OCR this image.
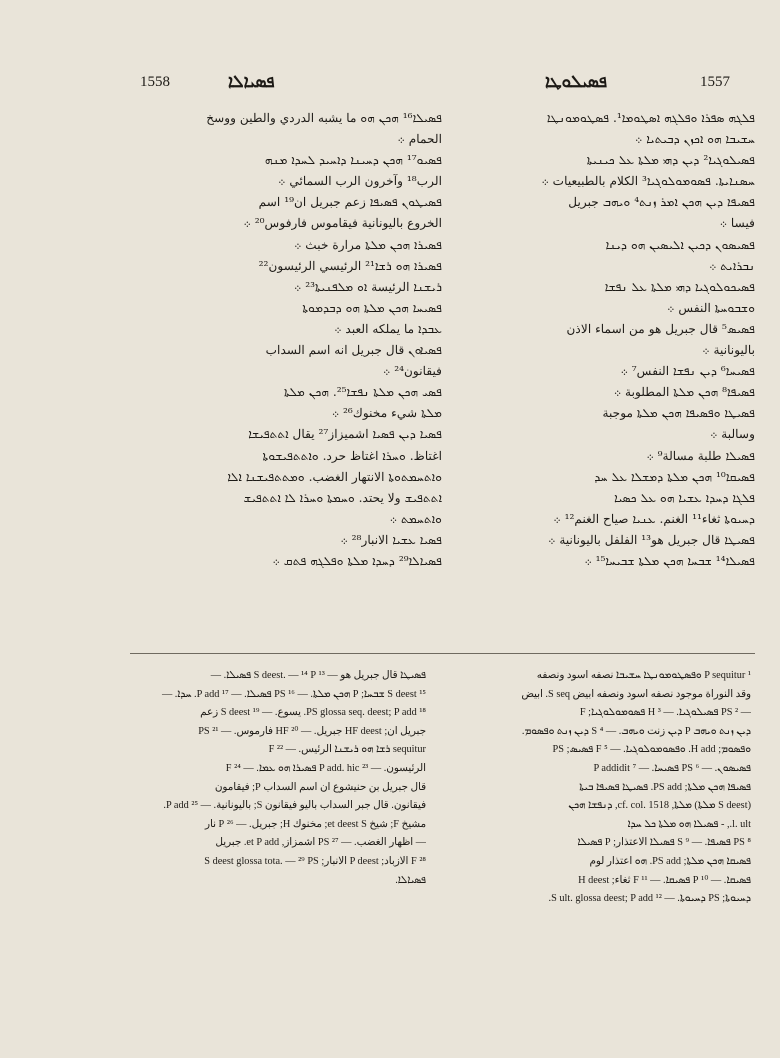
1558	ܦܣܝܐܠܐ	ܦܣܝܠܘܛܐ	1557
ܦܣܝܠܐ¹⁶ ܗܟܢ ܗܘ ما يشبه الدردي والطين ووسخ
الحمام ܀
ܦܣܝܘ¹⁷ ܗܟܢ ܕܚܝܢܐ ܕܐܚܝܕ ܠܚܕܐ ܡܢܗ
الرب¹⁸ وآخرون الرب السمائي ܀
ܦܣܝܛܘܢ ܦܣܝܦܐ زعم جبريل ان¹⁹ اسم
الخروع باليونانية فيقاموس فارفوس²⁰ ܀
ܦܣܝܪܐ ܗܟܢ ܡܠܬܐ مرارة خبث ܀
ܦܣܝܪܐ ܗܘ ܪܫܐ²¹ الرئيسي الرئيسون²²
ܪܝܫܢܐ الرئيسة ܐܘ ܡܠܦܢܝܬܐ²³ ܀
ܦܣܝܚܐ ܗܟܢ ܡܠܬܐ ܗܘ ܕܒܕܡܘܬܐ
ܥܒܕܐ ما يملكه العبد ܀
ܦܣܝܐܘܢ قال جبريل انه اسم السداب
فيقانون²⁴ ܀
ܦܣܝ ܗܟܢ ܡܠܬܐ ܢܦܫܐ²⁵. ܗܟܢ ܡܠܬܐ
ܡܠܬܐ شيء مخنوك²⁶ ܀
ܦܣܝܐ ܕܝܢ ܦܣܝܐ اشميزاز²⁷ يقال ܐܬܬܦܝܫܐ
اغتاظ. ܘܚܪܐ اغتاظ حرد. ܘܐܬܬܦܝܫܘܬܐ
ܘܐܬܚܡܬܘܬܐ الانتهار الغضب. ܘܡܬܬܦܝܫܢܐ ܐܠܐ
ܐܬܬܦܝܫ ولا يحتد. ܘܚܡܬܐ ܘܚܪܐ ܠܐ ܐܬܬܦܝܫ
ܘܐܬܚܡܬ ܀
ܦܣܝܐ ܥܫܝܐ الانبار²⁸ ܀
ܦܣܝܐܠܐ²⁹ ܕܚܕܐ ܡܠܬܐ ܘܦܠܓܗ ܦܬܩ ܀
ܦܠܓܗ ܣܦܪܐ ܘܦܠܓܗ ܐܣܛܘܡܐ¹. ܦܣܛܘܡܘܢܛܐ
ܚܫܝܒܐ ܗܘ ܐܟܙܢ ܕܒܝܬܝܐ ܀
ܦܣܝܠܘܓܝܐ² ܕܝܢ ܕܗܝ ܡܠܬܐ ܥܠ ܟܝܢܝܬܐ
ܚܣܢܐܝܬܐ. ܦܣܘܡܘܠܘܓܝܐ³ الكلام بالطبيعيات ܀
ܦܣܝܦܐ ܕܝܢ ܗܟܢ ܐܡܪ ܙܢܬ⁴ ܘܝܗܒ جبريل
فيسا ܀
ܦܣܝܣܘܢ ܕܟܝܢ ܐܠܝܣܝܢ ܗܘ ܕܝܢܐ
ܢܒܪܐܝܬ ܀
ܦܣܝܟܘܠܘܓܝܐ ܕܗܝ ܡܠܬܐ ܥܠ ܢܦܫܐ
ܘܫܒܘܚܬܐ النفس ܀
ܦܣܝܣ⁵ قال جبريل هو من اسماء الاذن
باليونانية ܀
ܦܣܝܚܐ⁶ ܕܝܢ ܢܦܫܐ النفس⁷ ܀
ܦܣܝܦܐ⁸ ܗܟܢ ܡܠܬܐ المطلوبة ܀
ܦܣܝܛܐ ܘܦܣܝܦܐ ܗܟܢ ܡܠܬܐ موجبة
وسالبة ܀
ܦܣܝܠܐ طلبة مسالة⁹ ܀
ܦܣܝܩܐ¹⁰ ܗܟܢ ܡܠܬܐ ܕܡܫܠܐ ܥܠ ܚܕ
ܦܠܓܐ ܕܚܕܐ ܥܫܝܐ ܗܘ ܥܠ ܟܣܝܐ
ܕܚܝܘܬܐ ثغاء¹¹ الغنم. ܥܢܝܐ صياح الغنم¹² ܀
ܦܣܝܛܐ قال جبريل هو¹³ الفلفل باليونانية ܀
ܦܣܝܠܐ¹⁴ ܫܒܚܐ ܗܟܢ ܡܠܬܐ ܫܒܝܚܐ¹⁵ ܀
ܦܣܝܛܐ قال جبريل هو — ¹³ S deest. — ¹⁴ P ܦܣܝܠܐ. —
¹⁵ S deest ܫܒܚܐ; P ܗܟܢ ܡܠܬܐ. — ¹⁶ PS ܦܣܝܠܐ. — ¹⁷ P add. ܚܕܐ. —
¹⁸ PS glossa seq. deest; P add. يسوع. — ¹⁹ S deest زعم
جبريل ان; HF deest جبريل. — ²⁰ HF فارموس. — ²¹ PS
sequitur ܪܫܐ ܗܘ ܪܝܫܢܐ الرئيس. — ²² F
الرئيسون. — ²³ P add. hic ܦܣܝܪܐ ܗܘ ܥܡܐ. — ²⁴ F
قال جبريل بن حنيشوع ان اسم السداب P; فيقامون
فيقانون. قال جبر السداب باليو فيقانون S; باليونانية. — ²⁵ P add.
مشيخ F; شيخ et deest S; مخنوك H; جبريل. — ²⁶ P نار
— اظهار الغضب. — ²⁷ PS اشمزاز, et P add. جبريل
²⁸ F الازباد; P deest الانبار; S deest glossa tota. — ²⁹ PS
ܦܣܝܐܠܐ.
¹ P sequitur ܘܦܣܛܘܡܘܢܛܐ ܚܫܝܒܐ نصفه اسود ونصفه
وقد النوراة موجود نصفه اسود ونصفه ابيض S seq. ابيض
— ² PS ܦܣܝܠܘܓܝܐ. — ³ H ܦܣܘܡܘܠܘܓܝܐ; F
ܕܝܢ ܙܢܬ ܘܝܗܒ P ܕܝܢ زنت ܘܝܗܒ. — ⁴ S ܕܝܢ ܙܢܬ ܘܦܣܘܡ.
ܘܦܣܘܡ; H add. ܘܦܣܘܡܘܠܘܓܝܐ. — ⁵ F ܦܣܝܣ; PS
ܦܣܝܣܘܢ. — ⁶ PS ܦܣܝܚܐ. — ⁷ P addidit
ܦܣܝܦܐ ܗܟܢ ܡܠܬܐ; PS add. ܦܣܝܛܐ ܦܣܝܦܐ ܒܝܬܐ
(S deest ܡܠܬܐ) ܡܠܬܐ, cf. col. 1518, ܕܢܦܫܐ ܗܟܢ
l. ult., - ܦܣܝܠܐ ܗܘ ܡܠܬܐ ܟܠ ܚܕܐ
⁸ PS ܦܣܝܦܐ. — ⁹ S ܦܣܝܠܐ الاعتذار; P ܦܣܝܠܐ
ܦܣܝܩܐ ܗܟܢ ܡܠܬܐ; PS add. ܗܘ اعتذار لوم
ܦܣܝܩܐ. — ¹⁰ P ܦܣܝܩܐ. — ¹¹ F ثغاء; H deest
ܕܚܝܘܬܐ; PS ܕܚܝܘܬܐ. — ¹² S ult. glossa deest; P add.
